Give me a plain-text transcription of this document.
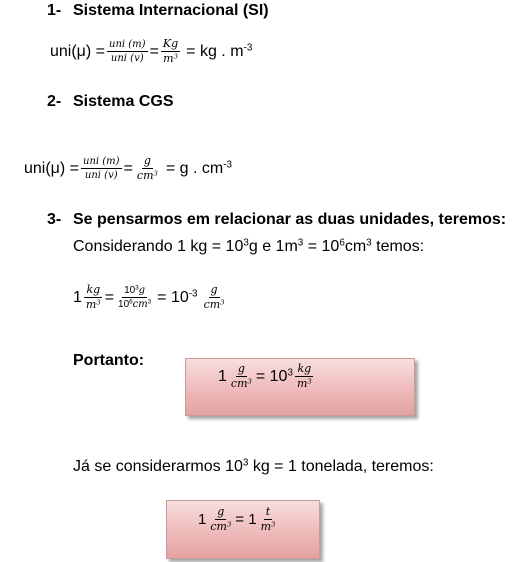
1- Sistema Internacional (SI)
$uni(\mu) = \frac{\text{uni (m)}}{\text{uni (v)}} = \frac{Kg}{m^3}$ = kg . $m^{-3}$
2- Sistema CGS
$uni(\mu) = \frac{\text{uni (m)}}{\text{uni (v)}} = \frac{g}{cm^3} = g$ . $cm^{-3}$
3- Se pensarmos em relacionar as duas unidades, teremos:
Considerando 1 kg = $10^3g$ e $1m^3 = 10^6cm^3$ temos:
$1 \frac{kg}{m^3} = \frac{10^3g}{10^6cm^3} = 10^{-3} \frac{g}{cm^3}$
Portanto:
$1 \frac{g}{cm^3} = 10^3 \frac{kg}{m^3}$
Já se considerarmos $10^3$ kg = 1 tonelada, teremos:
$1 \frac{g}{cm^3} = 1 \frac{t}{m^3}$
